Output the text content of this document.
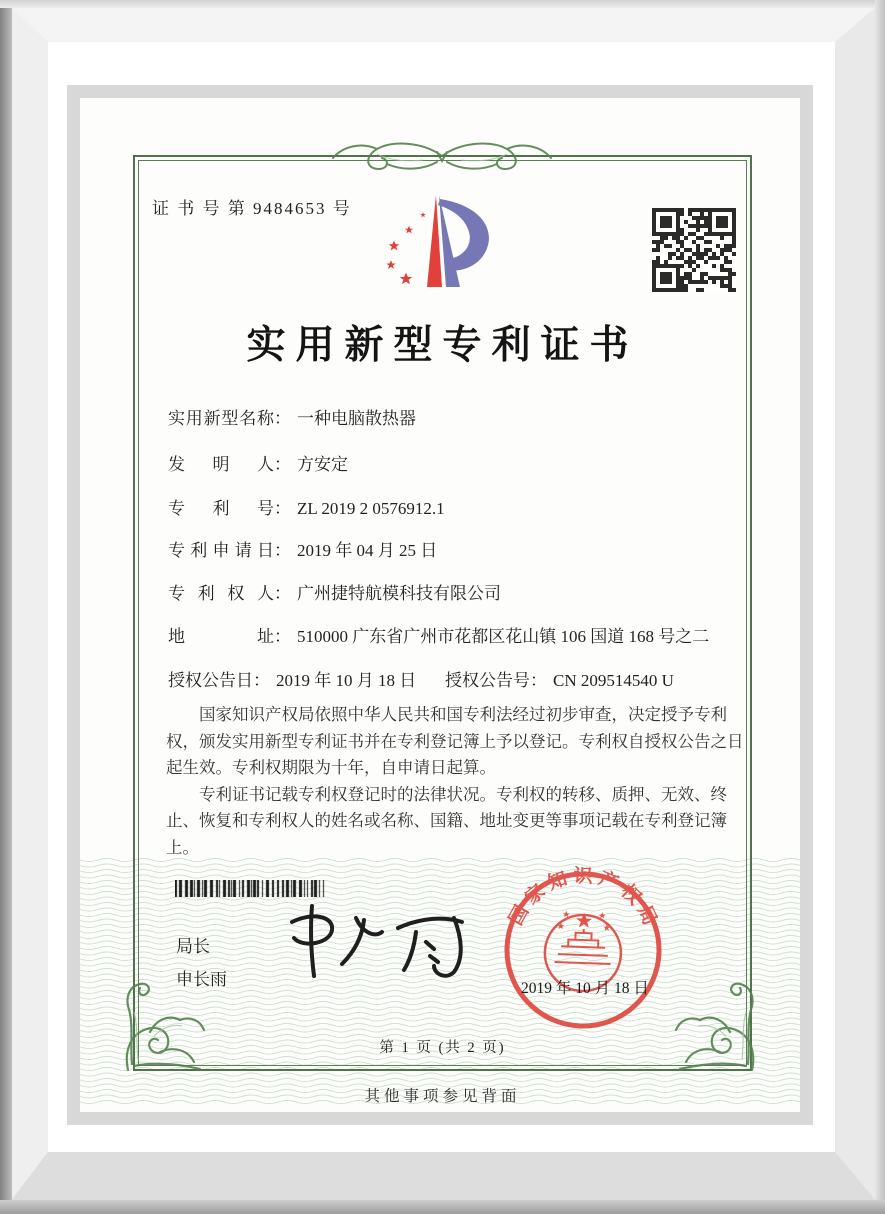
证 书 号 第 9484653 号
实用新型专利证书
实用新型名称： 一种电脑散热器
发明人： 方安定
专利号： ZL 2019 2 0576912.1
专利申请日： 2019 年 04 月 25 日
专利权人： 广州捷特航模科技有限公司
地址： 510000 广东省广州市花都区花山镇 106 国道 168 号之二
授权公告日： 2019 年 10 月 18 日 授权公告号： CN 209514540 U

国家知识产权局依照中华人民共和国专利法经过初步审查，决定授予专利权，颁发实用新型专利证书并在专利登记簿上予以登记。专利权自授权公告之日起生效。专利权期限为十年，自申请日起算。

专利证书记载专利权登记时的法律状况。专利权的转移、质押、无效、终止、恢复和专利权人的姓名或名称、国籍、地址变更等事项记载在专利登记簿上。

局长
申长雨
国家知识产权局
2019 年 10 月 18 日
第 1 页 (共 2 页)
其他事项参见背面
